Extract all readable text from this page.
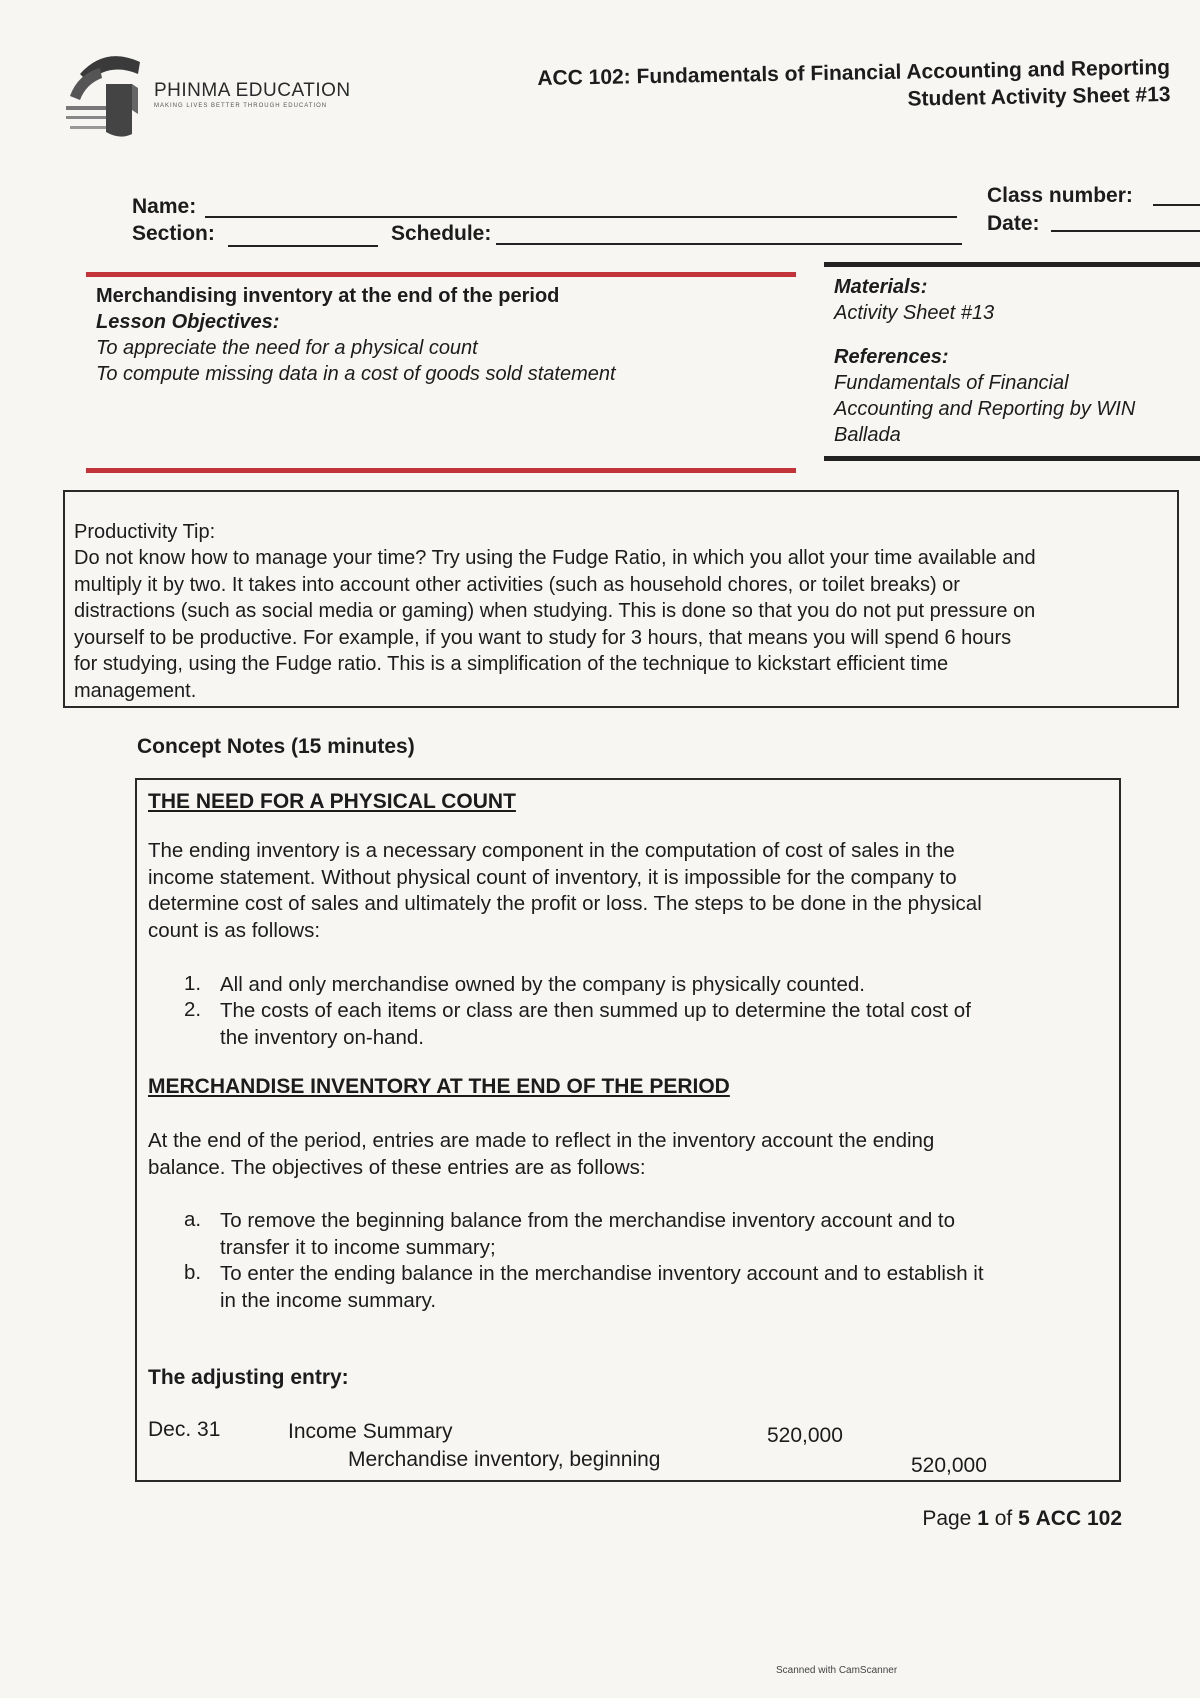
PHINMA EDUCATION
MAKING LIVES BETTER THROUGH EDUCATION
ACC 102: Fundamentals of Financial Accounting and Reporting
Student Activity Sheet #13
Name:
Section:	Schedule:
Class number:
Date:
Merchandising inventory at the end of the period
Lesson Objectives:
To appreciate the need for a physical count
To compute missing data in a cost of goods sold statement
Materials:
Activity Sheet #13
References:
Fundamentals of Financial
Accounting and Reporting by WIN
Ballada
Productivity Tip:
Do not know how to manage your time? Try using the Fudge Ratio, in which you allot your time available and
multiply it by two. It takes into account other activities (such as household chores, or toilet breaks) or
distractions (such as social media or gaming) when studying. This is done so that you do not put pressure on
yourself to be productive. For example, if you want to study for 3 hours, that means you will spend 6 hours
for studying, using the Fudge ratio. This is a simplification of the technique to kickstart efficient time
management.
Concept Notes (15 minutes)
THE NEED FOR A PHYSICAL COUNT
The ending inventory is a necessary component in the computation of cost of sales in the
income statement. Without physical count of inventory, it is impossible for the company to
determine cost of sales and ultimately the profit or loss. The steps to be done in the physical
count is as follows:
1. All and only merchandise owned by the company is physically counted.
2. The costs of each items or class are then summed up to determine the total cost of
the inventory on-hand.
MERCHANDISE INVENTORY AT THE END OF THE PERIOD
At the end of the period, entries are made to reflect in the inventory account the ending
balance. The objectives of these entries are as follows:
a. To remove the beginning balance from the merchandise inventory account and to
transfer it to income summary;
b. To enter the ending balance in the merchandise inventory account and to establish it
in the income summary.
The adjusting entry:
Dec. 31	Income Summary	520,000
Merchandise inventory, beginning	520,000
Page 1 of 5 ACC 102
Scanned with CamScanner
